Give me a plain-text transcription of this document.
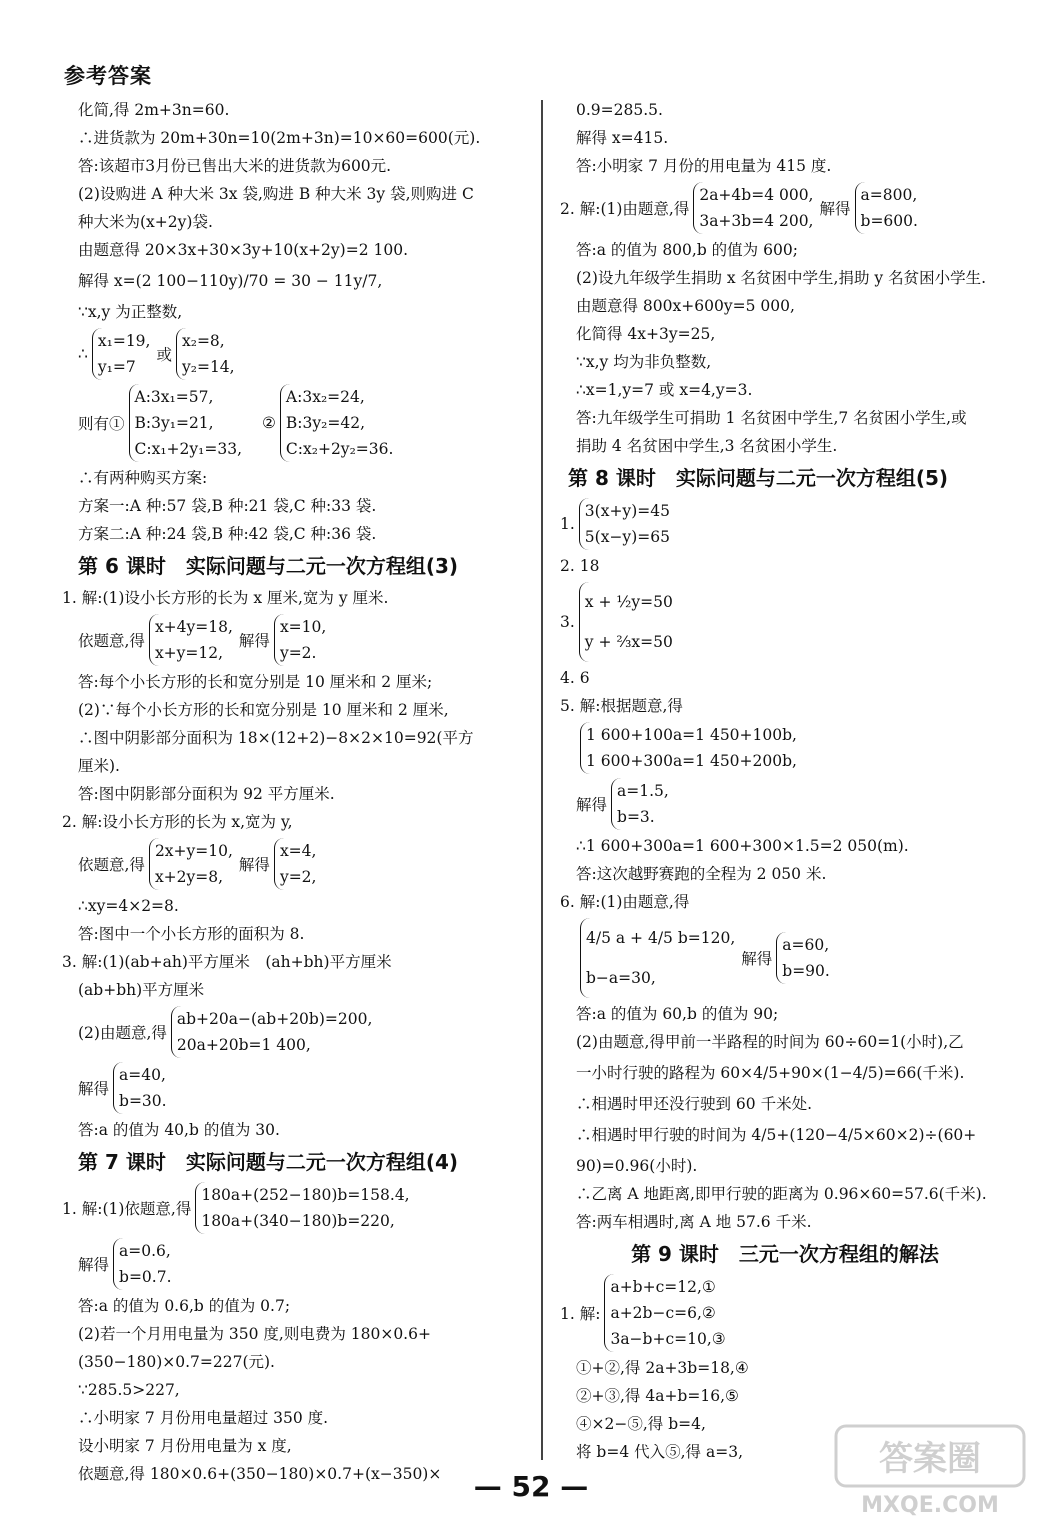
参考答案
化简,得 2m+3n=60.
∴进货款为 20m+30n=10(2m+3n)=10×60=600(元).
答:该超市3月份已售出大米的进货款为600元.
(2)设购进 A 种大米 3x 袋,购进 B 种大米 3y 袋,则购进 C
种大米为(x+2y)袋.
由题意得 20×3x+30×3y+10(x+2y)=2 100.
解得 x=(2 100−110y)/70 = 30 − 11y/7,
∵x,y 为正整数,
∴
x₁=19,
y₁=7
或
x₂=8,
y₂=14,
则有①
A:3x₁=57,
B:3y₁=21,
C:x₁+2y₁=33,
②
A:3x₂=24,
B:3y₂=42,
C:x₂+2y₂=36.
∴有两种购买方案:
方案一:A 种:57 袋,B 种:21 袋,C 种:33 袋.
方案二:A 种:24 袋,B 种:42 袋,C 种:36 袋.
第 6 课时　实际问题与二元一次方程组(3)
1. 解:(1)设小长方形的长为 x 厘米,宽为 y 厘米.
依题意,得
x+4y=18,
x+y=12,
解得
x=10,
y=2.
答:每个小长方形的长和宽分别是 10 厘米和 2 厘米;
(2)∵每个小长方形的长和宽分别是 10 厘米和 2 厘米,
∴图中阴影部分面积为 18×(12+2)−8×2×10=92(平方
厘米).
答:图中阴影部分面积为 92 平方厘米.
2. 解:设小长方形的长为 x,宽为 y,
依题意,得
2x+y=10,
x+2y=8,
解得
x=4,
y=2,
∴xy=4×2=8.
答:图中一个小长方形的面积为 8.
3. 解:(1)(ab+ah)平方厘米　(ah+bh)平方厘米
(ab+bh)平方厘米
(2)由题意,得
ab+20a−(ab+20b)=200,
20a+20b=1 400,
解得
a=40,
b=30.
答:a 的值为 40,b 的值为 30.
第 7 课时　实际问题与二元一次方程组(4)
1. 解:(1)依题意,得
180a+(252−180)b=158.4,
180a+(340−180)b=220,
解得
a=0.6,
b=0.7.
答:a 的值为 0.6,b 的值为 0.7;
(2)若一个月用电量为 350 度,则电费为 180×0.6+
(350−180)×0.7=227(元).
∵285.5>227,
∴小明家 7 月份用电量超过 350 度.
设小明家 7 月份用电量为 x 度,
依题意,得 180×0.6+(350−180)×0.7+(x−350)×
0.9=285.5.
解得 x=415.
答:小明家 7 月份的用电量为 415 度.
2. 解:(1)由题意,得
2a+4b=4 000,
3a+3b=4 200,
解得
a=800,
b=600.
答:a 的值为 800,b 的值为 600;
(2)设九年级学生捐助 x 名贫困中学生,捐助 y 名贫困小学生.
由题意得 800x+600y=5 000,
化简得 4x+3y=25,
∵x,y 均为非负整数,
∴x=1,y=7 或 x=4,y=3.
答:九年级学生可捐助 1 名贫困中学生,7 名贫困小学生,或
捐助 4 名贫困中学生,3 名贫困小学生.
第 8 课时　实际问题与二元一次方程组(5)
1.
3(x+y)=45
5(x−y)=65
2. 18
3.
x + ½y=50
y + ⅔x=50
4. 6
5. 解:根据题意,得
1 600+100a=1 450+100b,
1 600+300a=1 450+200b,
解得
a=1.5,
b=3.
∴1 600+300a=1 600+300×1.5=2 050(m).
答:这次越野赛跑的全程为 2 050 米.
6. 解:(1)由题意,得
4/5 a + 4/5 b=120,
b−a=30,
解得
a=60,
b=90.
答:a 的值为 60,b 的值为 90;
(2)由题意,得甲前一半路程的时间为 60÷60=1(小时),乙
一小时行驶的路程为 60×4/5+90×(1−4/5)=66(千米).
∴相遇时甲还没行驶到 60 千米处.
∴相遇时甲行驶的时间为 4/5+(120−4/5×60×2)÷(60+
90)=0.96(小时).
∴乙离 A 地距离,即甲行驶的距离为 0.96×60=57.6(千米).
答:两车相遇时,离 A 地 57.6 千米.
第 9 课时　三元一次方程组的解法
1. 解:
a+b+c=12,①
a+2b−c=6,②
3a−b+c=10,③
①+②,得 2a+3b=18,④
②+③,得 4a+b=16,⑤
④×2−⑤,得 b=4,
将 b=4 代入⑤,得 a=3,
— 52 —
答案圈
MXQE.COM
